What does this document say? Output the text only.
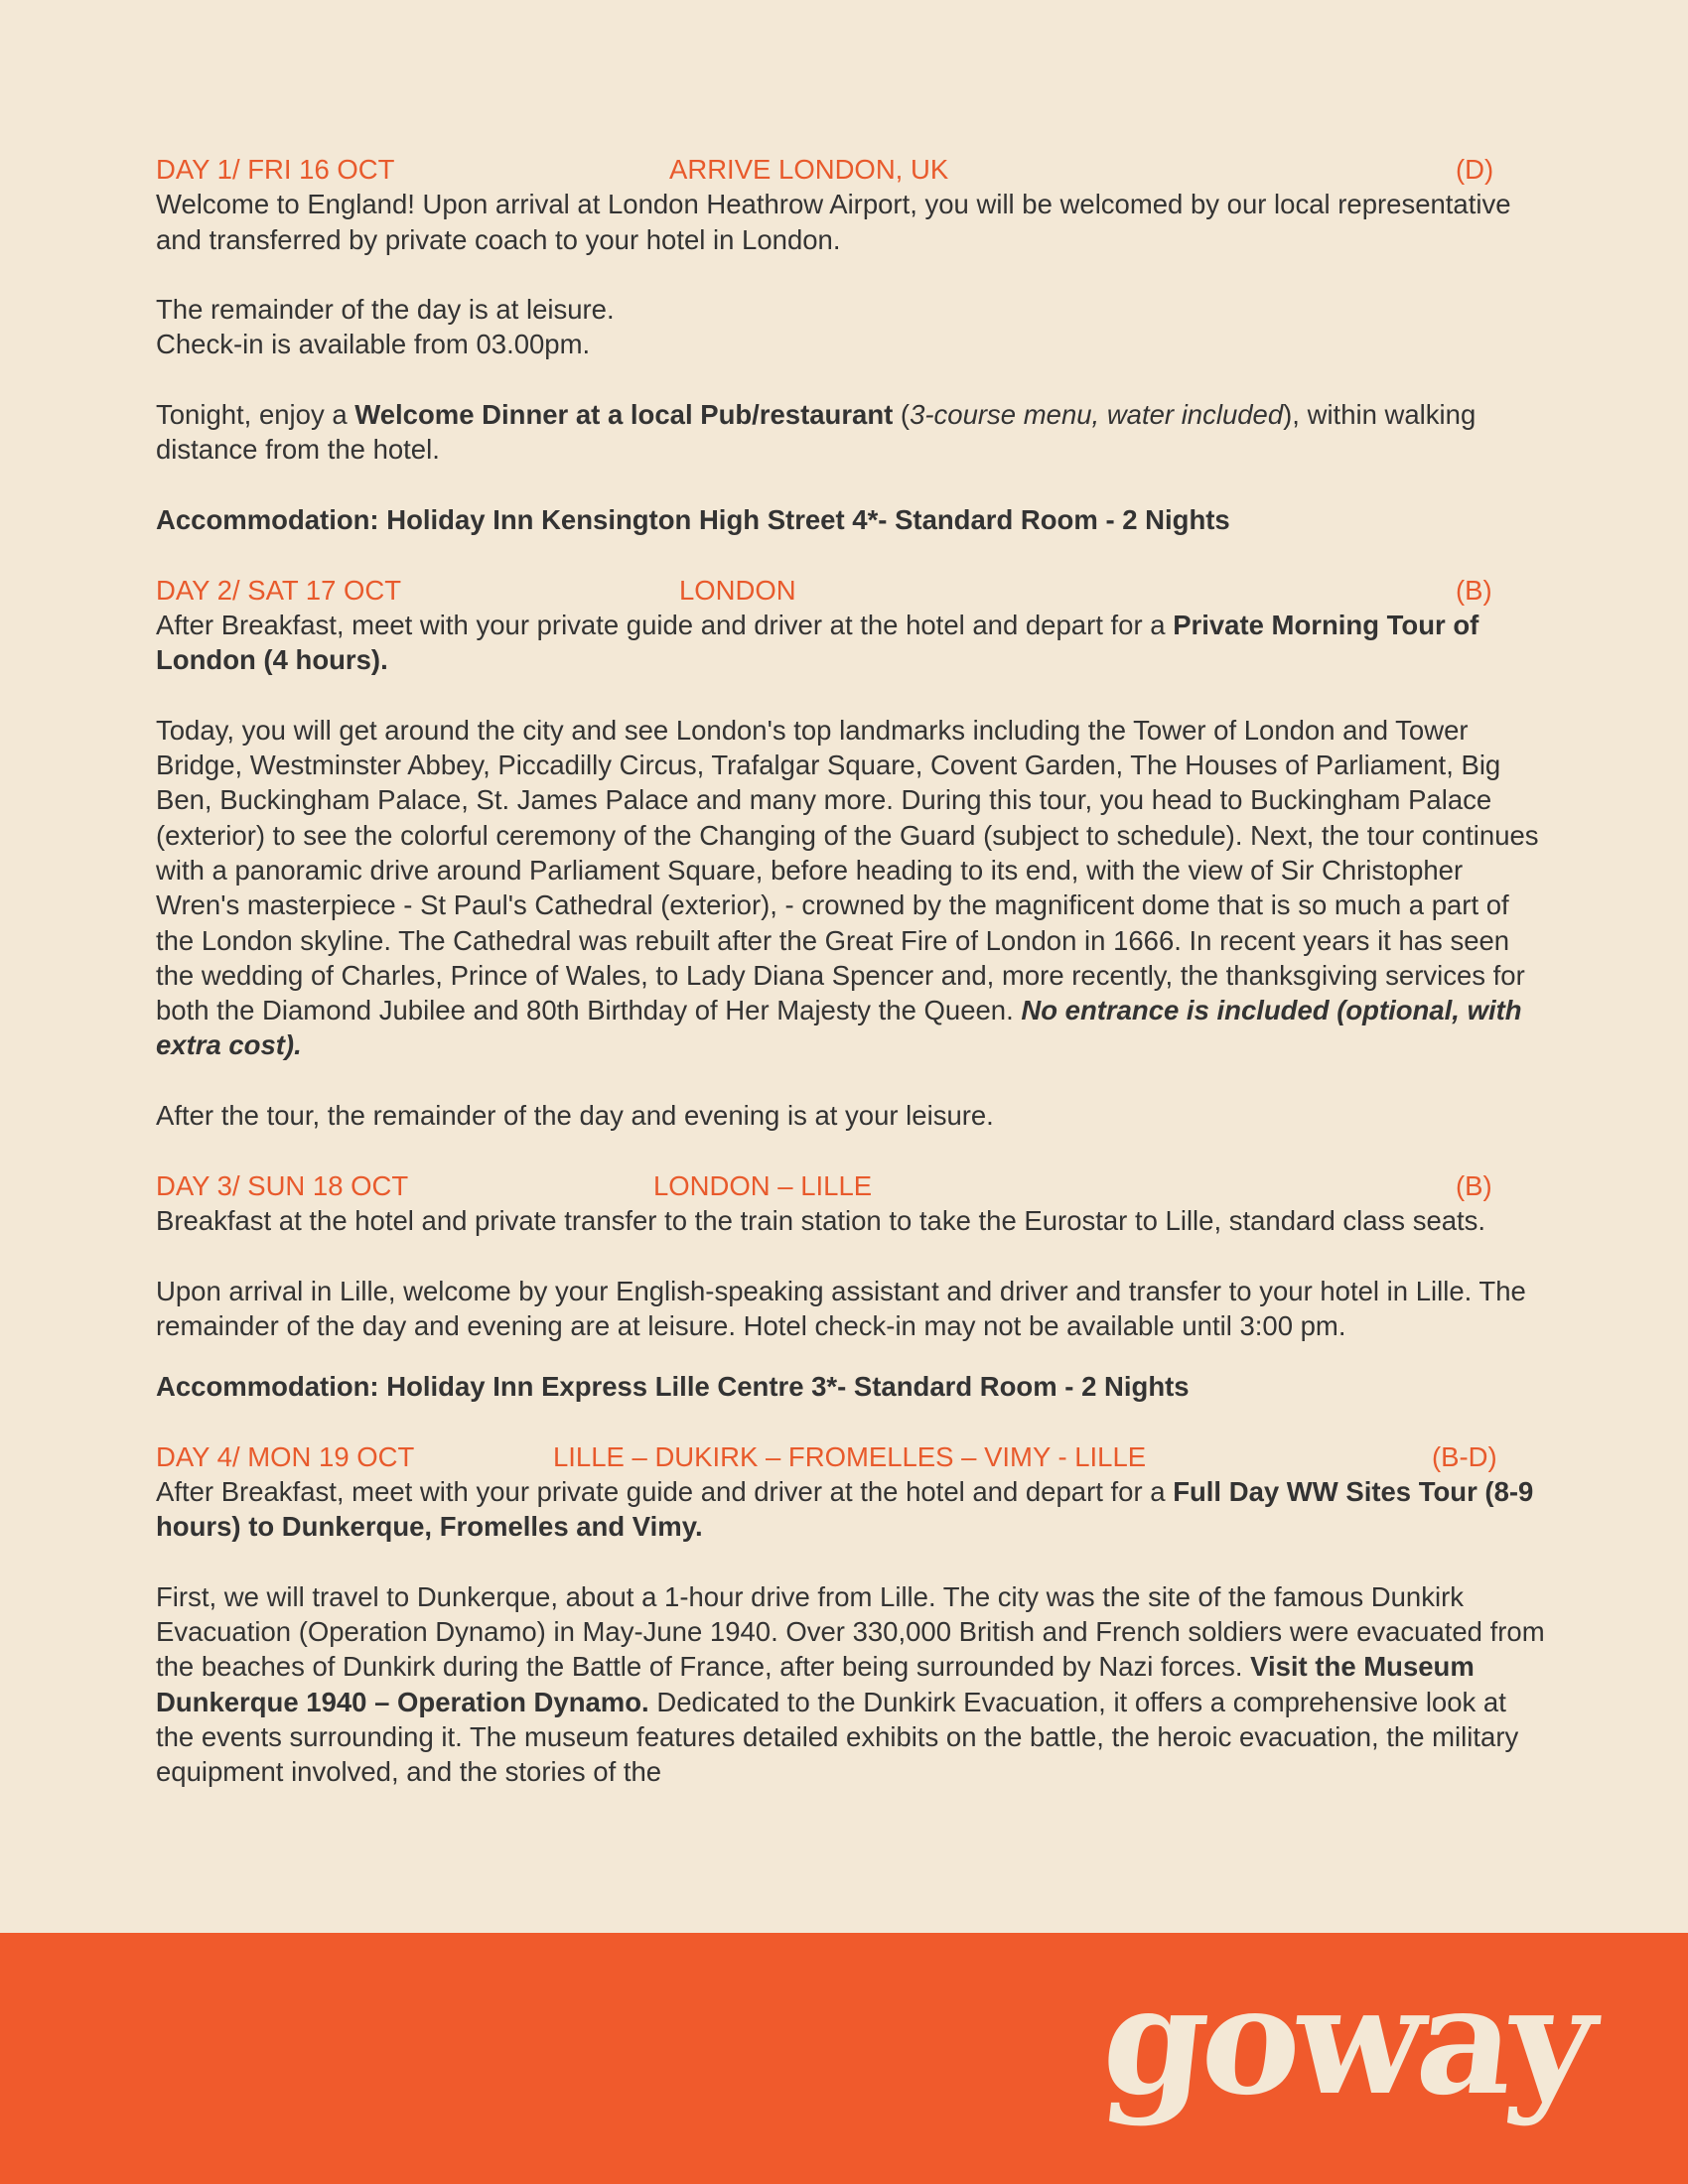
DAY 1/ FRI 16 OCT	ARRIVE LONDON, UK	(D)

Welcome to England! Upon arrival at London Heathrow Airport, you will be welcomed by our local representative and transferred by private coach to your hotel in London.

The remainder of the day is at leisure.
Check-in is available from 03.00pm.

Tonight, enjoy a Welcome Dinner at a local Pub/restaurant (3-course menu, water included), within walking distance from the hotel.

Accommodation: Holiday Inn Kensington High Street 4*- Standard Room - 2 Nights

DAY 2/ SAT 17 OCT	LONDON	(B)

After Breakfast, meet with your private guide and driver at the hotel and depart for a Private Morning Tour of London (4 hours).

Today, you will get around the city and see London's top landmarks including the Tower of London and Tower Bridge, Westminster Abbey, Piccadilly Circus, Trafalgar Square, Covent Garden, The Houses of Parliament, Big Ben, Buckingham Palace, St. James Palace and many more. During this tour, you head to Buckingham Palace (exterior) to see the colorful ceremony of the Changing of the Guard (subject to schedule). Next, the tour continues with a panoramic drive around Parliament Square, before heading to its end, with the view of Sir Christopher Wren's masterpiece - St Paul's Cathedral (exterior), - crowned by the magnificent dome that is so much a part of the London skyline. The Cathedral was rebuilt after the Great Fire of London in 1666. In recent years it has seen the wedding of Charles, Prince of Wales, to Lady Diana Spencer and, more recently, the thanksgiving services for both the Diamond Jubilee and 80th Birthday of Her Majesty the Queen. No entrance is included (optional, with extra cost).

After the tour, the remainder of the day and evening is at your leisure.

DAY 3/ SUN 18 OCT	LONDON – LILLE	(B)

Breakfast at the hotel and private transfer to the train station to take the Eurostar to Lille, standard class seats.

Upon arrival in Lille, welcome by your English-speaking assistant and driver and transfer to your hotel in Lille. The remainder of the day and evening are at leisure. Hotel check-in may not be available until 3:00 pm.

Accommodation: Holiday Inn Express Lille Centre 3*- Standard Room - 2 Nights

DAY 4/ MON 19 OCT	LILLE – DUKIRK – FROMELLES – VIMY - LILLE	(B-D)

After Breakfast, meet with your private guide and driver at the hotel and depart for a Full Day WW Sites Tour (8-9 hours) to Dunkerque, Fromelles and Vimy.

First, we will travel to Dunkerque, about a 1-hour drive from Lille. The city was the site of the famous Dunkirk Evacuation (Operation Dynamo) in May-June 1940. Over 330,000 British and French soldiers were evacuated from the beaches of Dunkirk during the Battle of France, after being surrounded by Nazi forces. Visit the Museum Dunkerque 1940 – Operation Dynamo. Dedicated to the Dunkirk Evacuation, it offers a comprehensive look at the events surrounding it. The museum features detailed exhibits on the battle, the heroic evacuation, the military equipment involved, and the stories of the

goway
